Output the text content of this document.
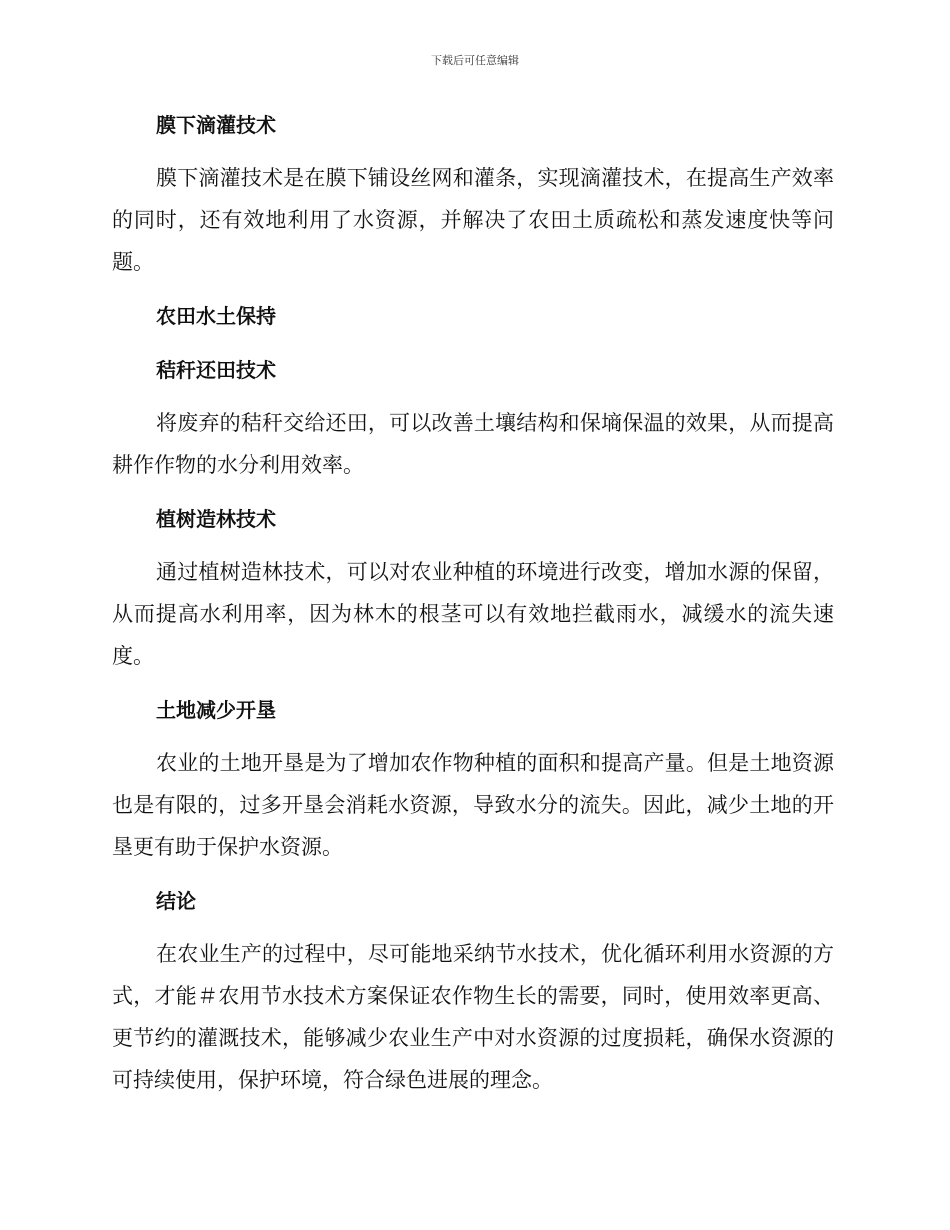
下载后可任意编辑
膜下滴灌技术

膜下滴灌技术是在膜下铺设丝网和灌条，实现滴灌技术，在提高生产效率的同时，还有效地利用了水资源，并解决了农田土质疏松和蒸发速度快等问题。

农田水土保持
秸秆还田技术

将废弃的秸秆交给还田，可以改善土壤结构和保墒保温的效果，从而提高耕作作物的水分利用效率。

植树造林技术

通过植树造林技术，可以对农业种植的环境进行改变，增加水源的保留，从而提高水利用率，因为林木的根茎可以有效地拦截雨水，减缓水的流失速度。

土地减少开垦

农业的土地开垦是为了增加农作物种植的面积和提高产量。但是土地资源也是有限的，过多开垦会消耗水资源，导致水分的流失。因此，减少土地的开垦更有助于保护水资源。

结论

在农业生产的过程中，尽可能地采纳节水技术，优化循环利用水资源的方式，才能＃农用节水技术方案保证农作物生长的需要，同时，使用效率更高、更节约的灌溉技术，能够减少农业生产中对水资源的过度损耗，确保水资源的可持续使用，保护环境，符合绿色进展的理念。
